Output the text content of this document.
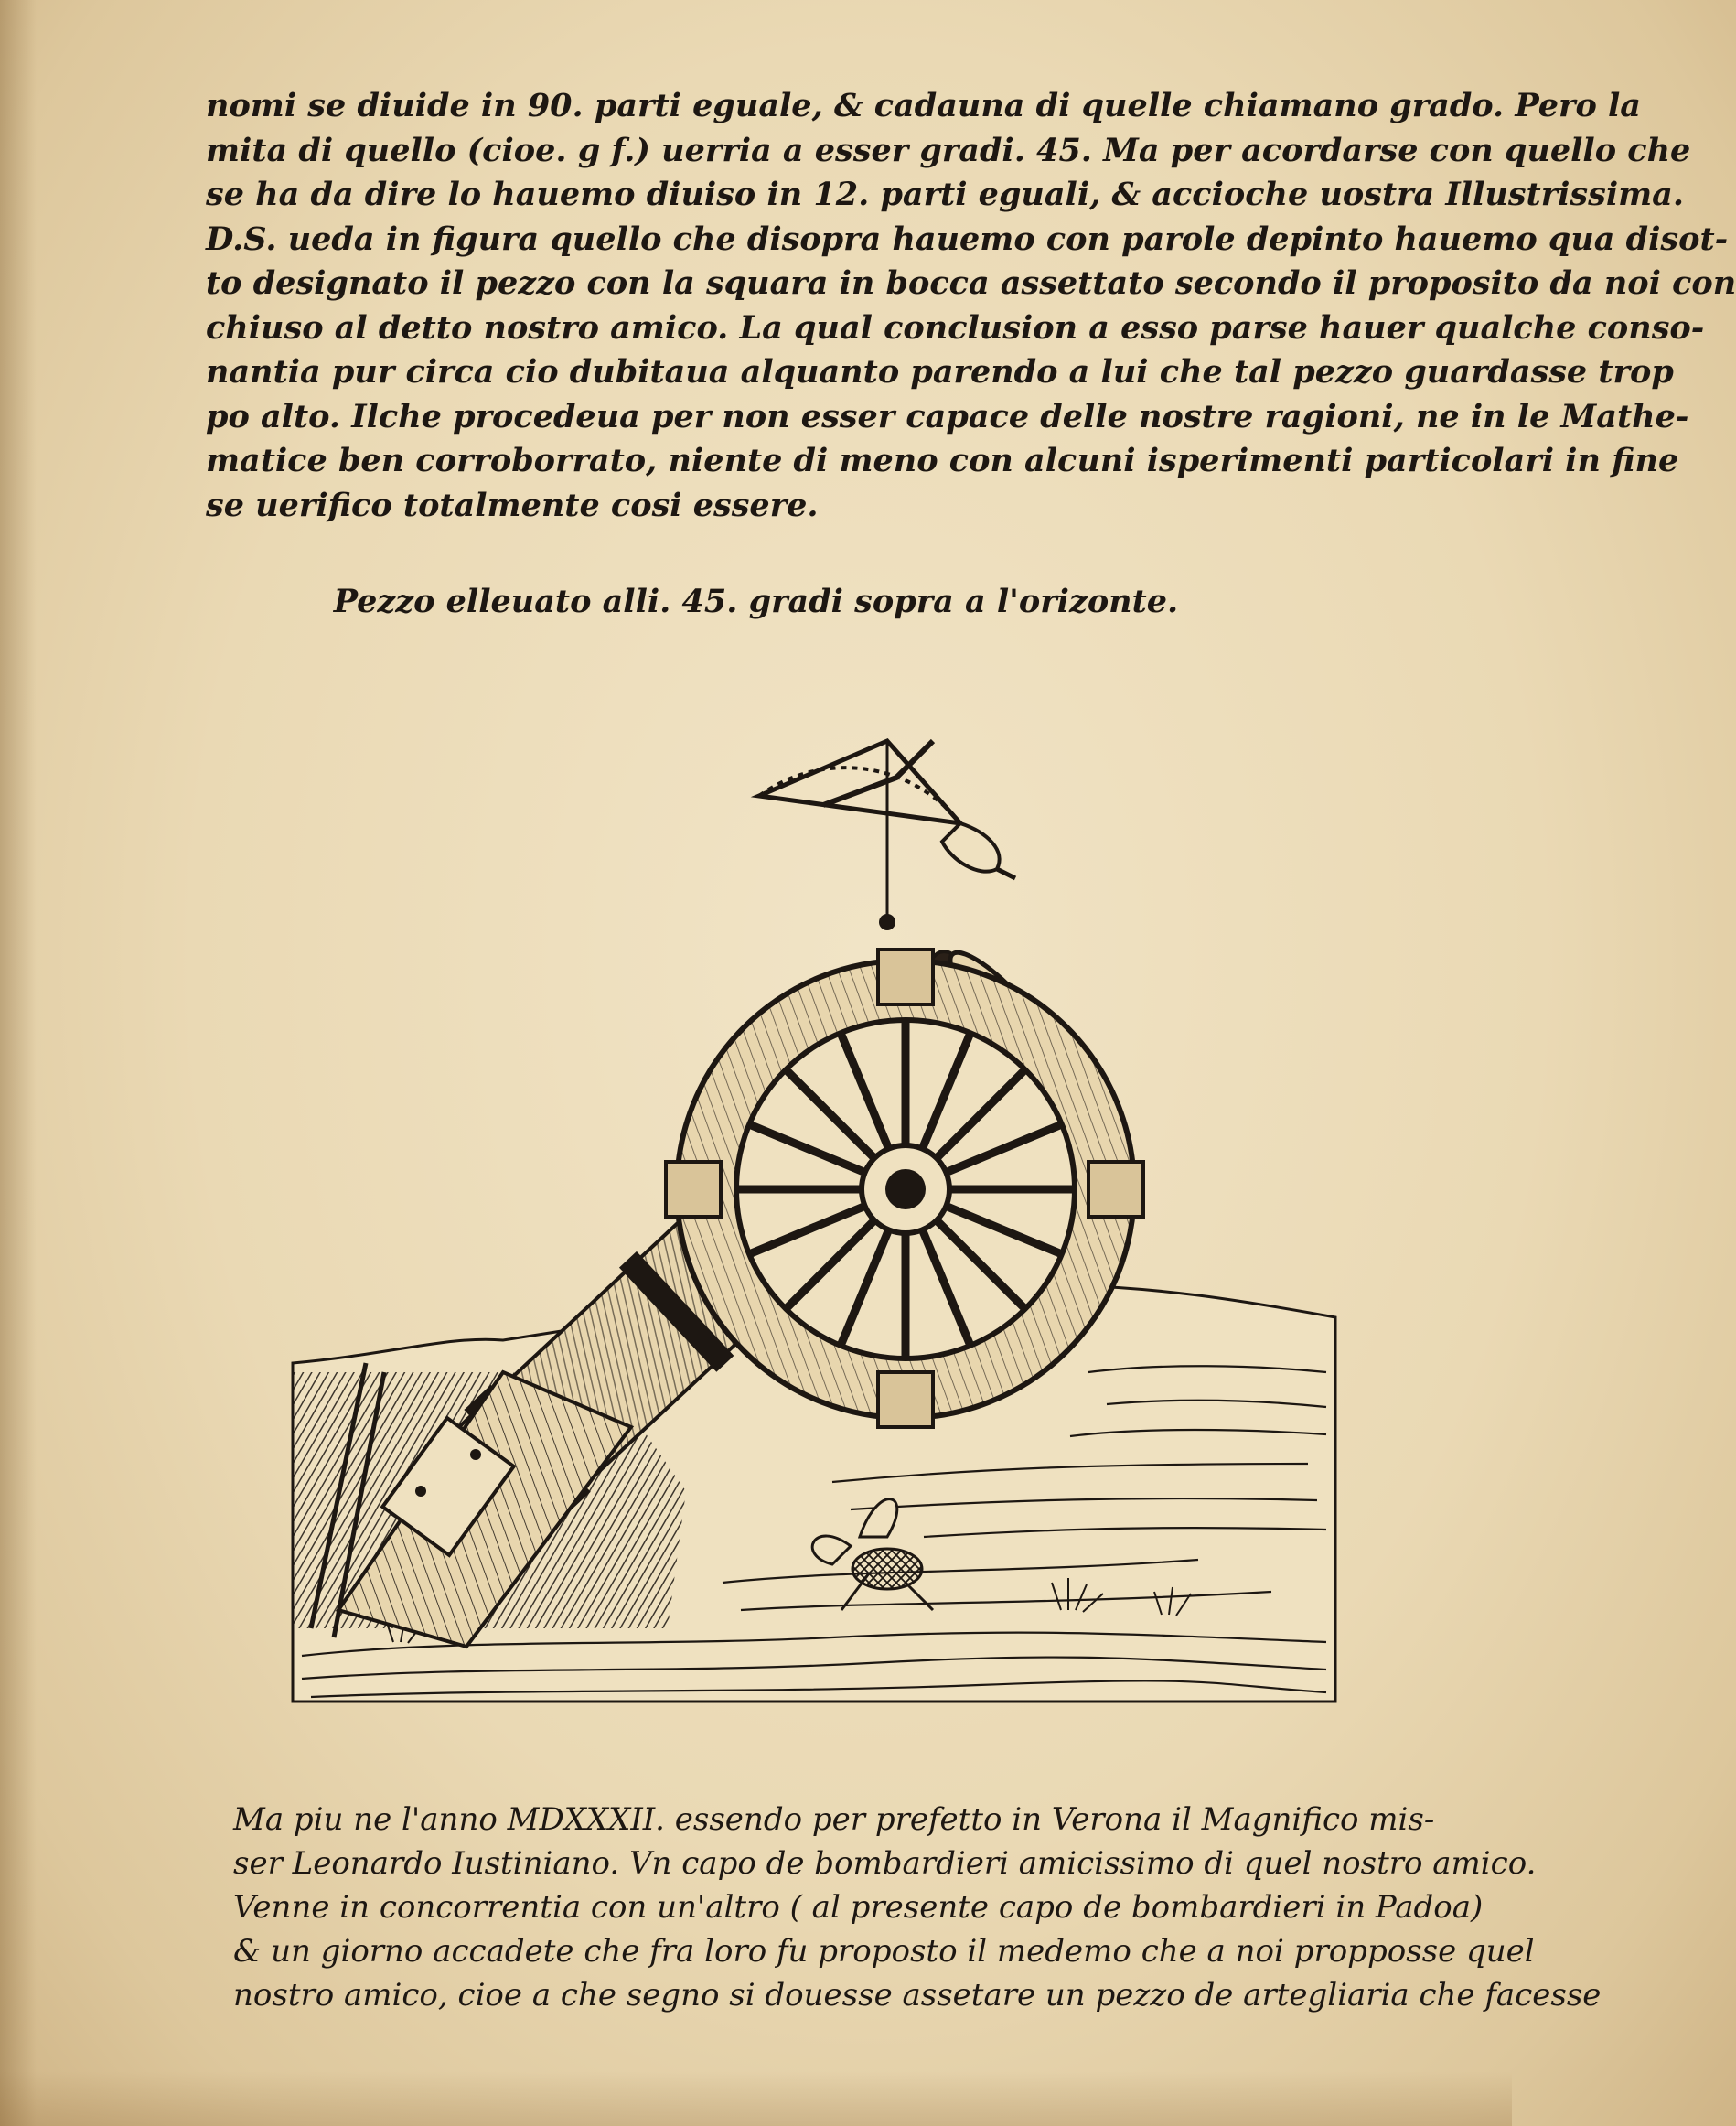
nomi se diuide in 90. parti eguale, & cadauna di quelle chiamano grado. Pero la
mita di quello (cioe. g f.) uerria a esser gradi. 45. Ma per acordarse con quello che
se ha da dire lo hauemo diuiso in 12. parti eguali, & accioche uostra Illustrissima.
D.S. ueda in figura quello che disopra hauemo con parole depinto hauemo qua disot-
to designato il pezzo con la squara in bocca assettato secondo il proposito da noi con
chiuso al detto nostro amico. La qual conclusion a esso parse hauer qualche conso-
nantia pur circa cio dubitaua alquanto parendo a lui che tal pezzo guardasse trop
po alto. Ilche procedeua per non esser capace delle nostre ragioni, ne in le Mathe-
matice ben corroborrato, niente di meno con alcuni isperimenti particolari in fine
se uerifico totalmente cosi essere.
Pezzo elleuato alli. 45. gradi sopra a l'orizonte.
Ma piu ne l'anno MDXXXII. essendo per prefetto in Verona il Magnifico mis-
ser Leonardo Iustiniano. Vn capo de bombardieri amicissimo di quel nostro amico.
Venne in concorrentia con un'altro ( al presente capo de bombardieri in Padoa)
& un giorno accadete che fra loro fu proposto il medemo che a noi propposse quel
nostro amico, cioe a che segno si douesse assetare un pezzo de artegliaria che facesse
